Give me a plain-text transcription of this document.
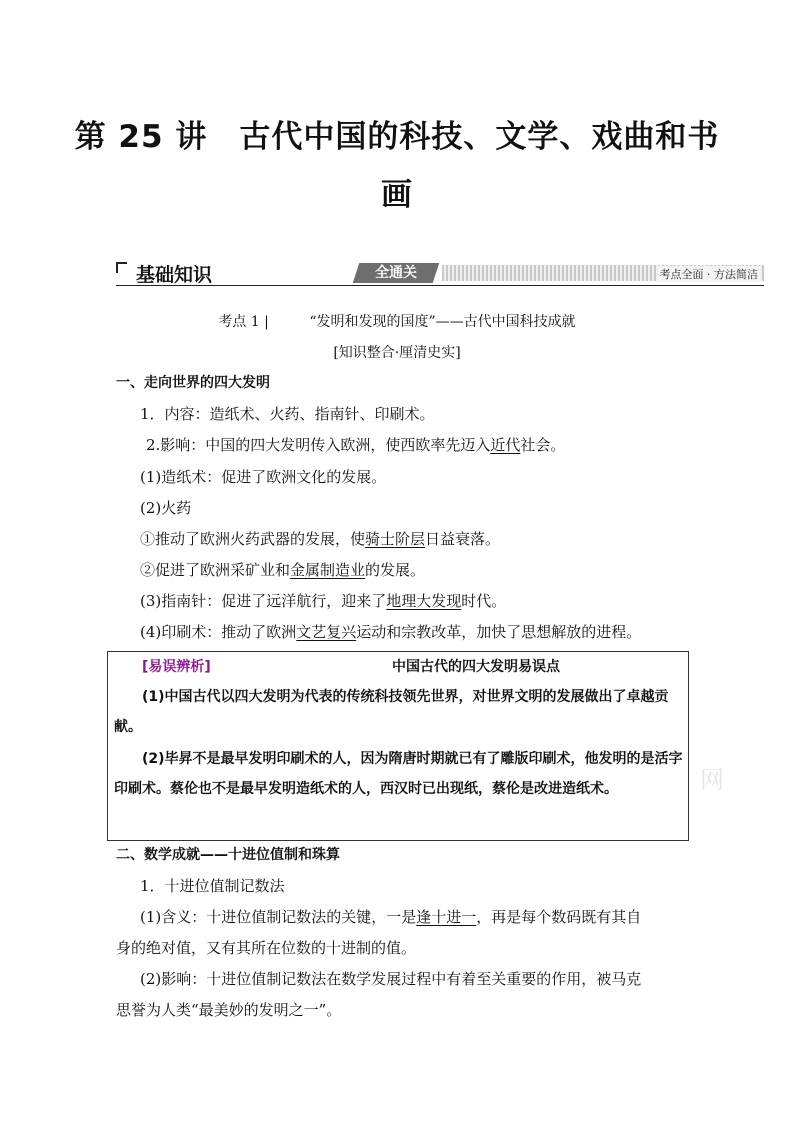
第 25 讲　古代中国的科技、文学、戏曲和书
画
基础知识	全通关	考点全面 · 方法简洁
考点 1 |	“发明和发现的国度”——古代中国科技成就
[知识整合·厘清史实]
一、走向世界的四大发明
1．内容：造纸术、火药、指南针、印刷术。
2.影响：中国的四大发明传入欧洲，使西欧率先迈入近代社会。
(1)造纸术：促进了欧洲文化的发展。
(2)火药
①推动了欧洲火药武器的发展，使骑士阶层日益衰落。
②促进了欧洲采矿业和金属制造业的发展。
(3)指南针：促进了远洋航行，迎来了地理大发现时代。
(4)印刷术：推动了欧洲文艺复兴运动和宗教改革，加快了思想解放的进程。
[易误辨析]	中国古代的四大发明易误点
(1)中国古代以四大发明为代表的传统科技领先世界，对世界文明的发展做出了卓越贡献。
(2)毕昇不是最早发明印刷术的人，因为隋唐时期就已有了雕版印刷术，他发明的是活字印刷术。蔡伦也不是最早发明造纸术的人，西汉时已出现纸，蔡伦是改进造纸术。	网
二、数学成就——十进位值制和珠算
1．十进位值制记数法
(1)含义：十进位值制记数法的关键，一是逢十进一，再是每个数码既有其自
身的绝对值，又有其所在位数的十进制的值。
(2)影响：十进位值制记数法在数学发展过程中有着至关重要的作用，被马克
思誉为人类“最美妙的发明之一”。
